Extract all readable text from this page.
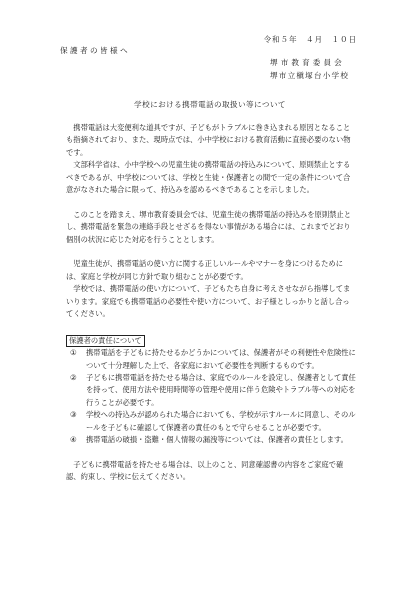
令和５年　４月　１０日
保護者の皆様へ
堺市教育委員会
堺市立槇塚台小学校
学校における携帯電話の取扱い等について

携帯電話は大変便利な道具ですが、子どもがトラブルに巻き込まれる原因となることも指摘されており、また、現時点では、小中学校における教育活動に直接必要のない物です。

文部科学省は、小中学校への児童生徒の携帯電話の持込みについて、原則禁止とするべきであるが、中学校については、学校と生徒・保護者との間で一定の条件について合意がなされた場合に限って、持込みを認めるべきであることを示しました。

このことを踏まえ、堺市教育委員会では、児童生徒の携帯電話の持込みを原則禁止とし、携帯電話を緊急の連絡手段とせざるを得ない事情がある場合には、これまでどおり個別の状況に応じた対応を行うこととします。

児童生徒が、携帯電話の使い方に関する正しいルールやマナーを身につけるためには、家庭と学校が同じ方針で取り組むことが必要です。

学校では、携帯電話の使い方について、子どもたち自身に考えさせながら指導してまいります。家庭でも携帯電話の必要性や使い方について、お子様としっかりと話し合ってください。

保護者の責任について

① 携帯電話を子どもに持たせるかどうかについては、保護者がその利便性や危険性について十分理解した上で、各家庭において必要性を判断するものです。

② 子どもに携帯電話を持たせる場合は、家庭でのルールを設定し、保護者として責任を持って、使用方法や使用時間等の管理や使用に伴う危険やトラブル等への対応を行うことが必要です。

③ 学校への持込みが認められた場合においても、学校が示すルールに同意し、そのルールを子どもに確認して保護者の責任のもとで守らせることが必要です。

④ 携帯電話の破損・盗難・個人情報の漏洩等については、保護者の責任とします。

子どもに携帯電話を持たせる場合は、以上のこと、同意確認書の内容をご家庭で確認、約束し、学校に伝えてください。
